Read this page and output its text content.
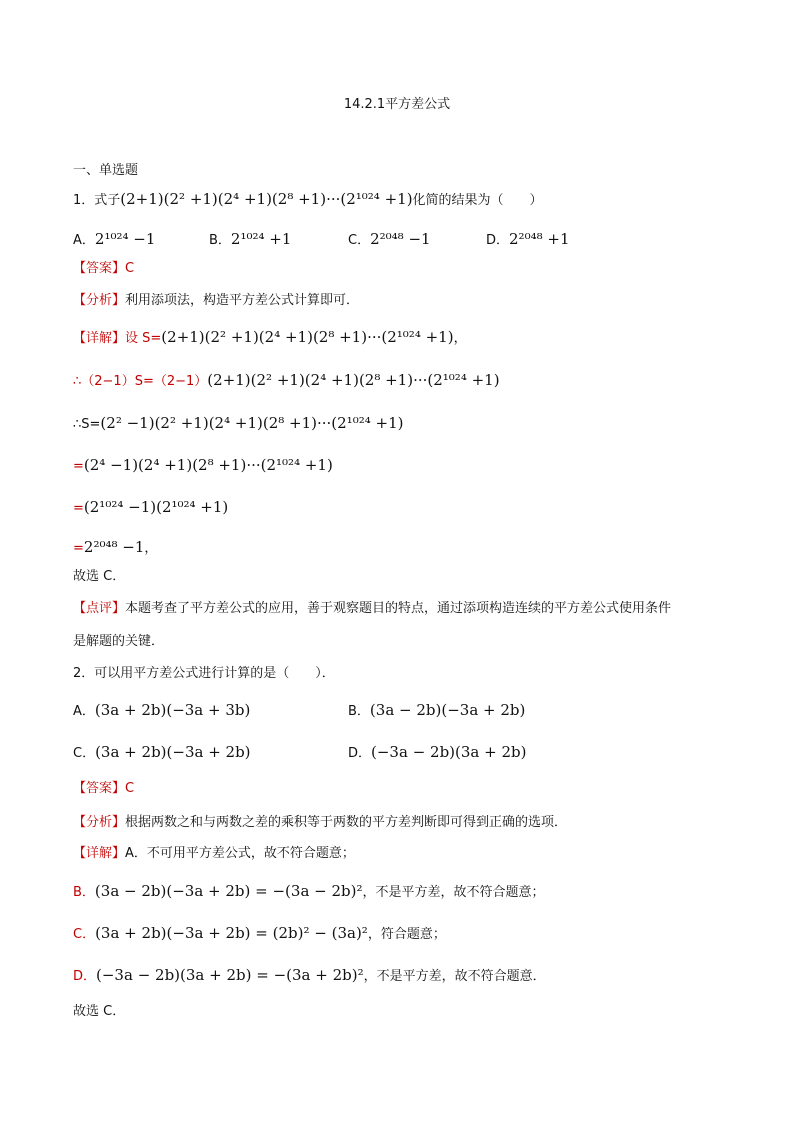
14.2.1平方差公式
一、单选题
1．式子(2+1)(2² +1)(2⁴ +1)(2⁸ +1)···(2¹⁰²⁴ +1)化简的结果为（　　）
A．2¹⁰²⁴ −1	B．2¹⁰²⁴ +1	C．2²⁰⁴⁸ −1	D．2²⁰⁴⁸ +1
【答案】C
【分析】利用添项法，构造平方差公式计算即可．
【详解】设 S=(2+1)(2² +1)(2⁴ +1)(2⁸ +1)···(2¹⁰²⁴ +1)，
∴（2−1）S=（2−1）(2+1)(2² +1)(2⁴ +1)(2⁸ +1)···(2¹⁰²⁴ +1)
∴S=(2² −1)(2² +1)(2⁴ +1)(2⁸ +1)···(2¹⁰²⁴ +1)
=(2⁴ −1)(2⁴ +1)(2⁸ +1)···(2¹⁰²⁴ +1)
=(2¹⁰²⁴ −1)(2¹⁰²⁴ +1)
=2²⁰⁴⁸ −1，
故选 C．
【点评】本题考查了平方差公式的应用，善于观察题目的特点，通过添项构造连续的平方差公式使用条件
是解题的关键．
2．可以用平方差公式进行计算的是（　　）．
A．(3a + 2b)(−3a + 3b)	B．(3a − 2b)(−3a + 2b)
C．(3a + 2b)(−3a + 2b)	D．(−3a − 2b)(3a + 2b)
【答案】C
【分析】根据两数之和与两数之差的乘积等于两数的平方差判断即可得到正确的选项．
【详解】A．不可用平方差公式，故不符合题意；
B．(3a − 2b)(−3a + 2b) = −(3a − 2b)²，不是平方差，故不符合题意；
C．(3a + 2b)(−3a + 2b) = (2b)² − (3a)²，符合题意；
D．(−3a − 2b)(3a + 2b) = −(3a + 2b)²，不是平方差，故不符合题意．
故选 C．
